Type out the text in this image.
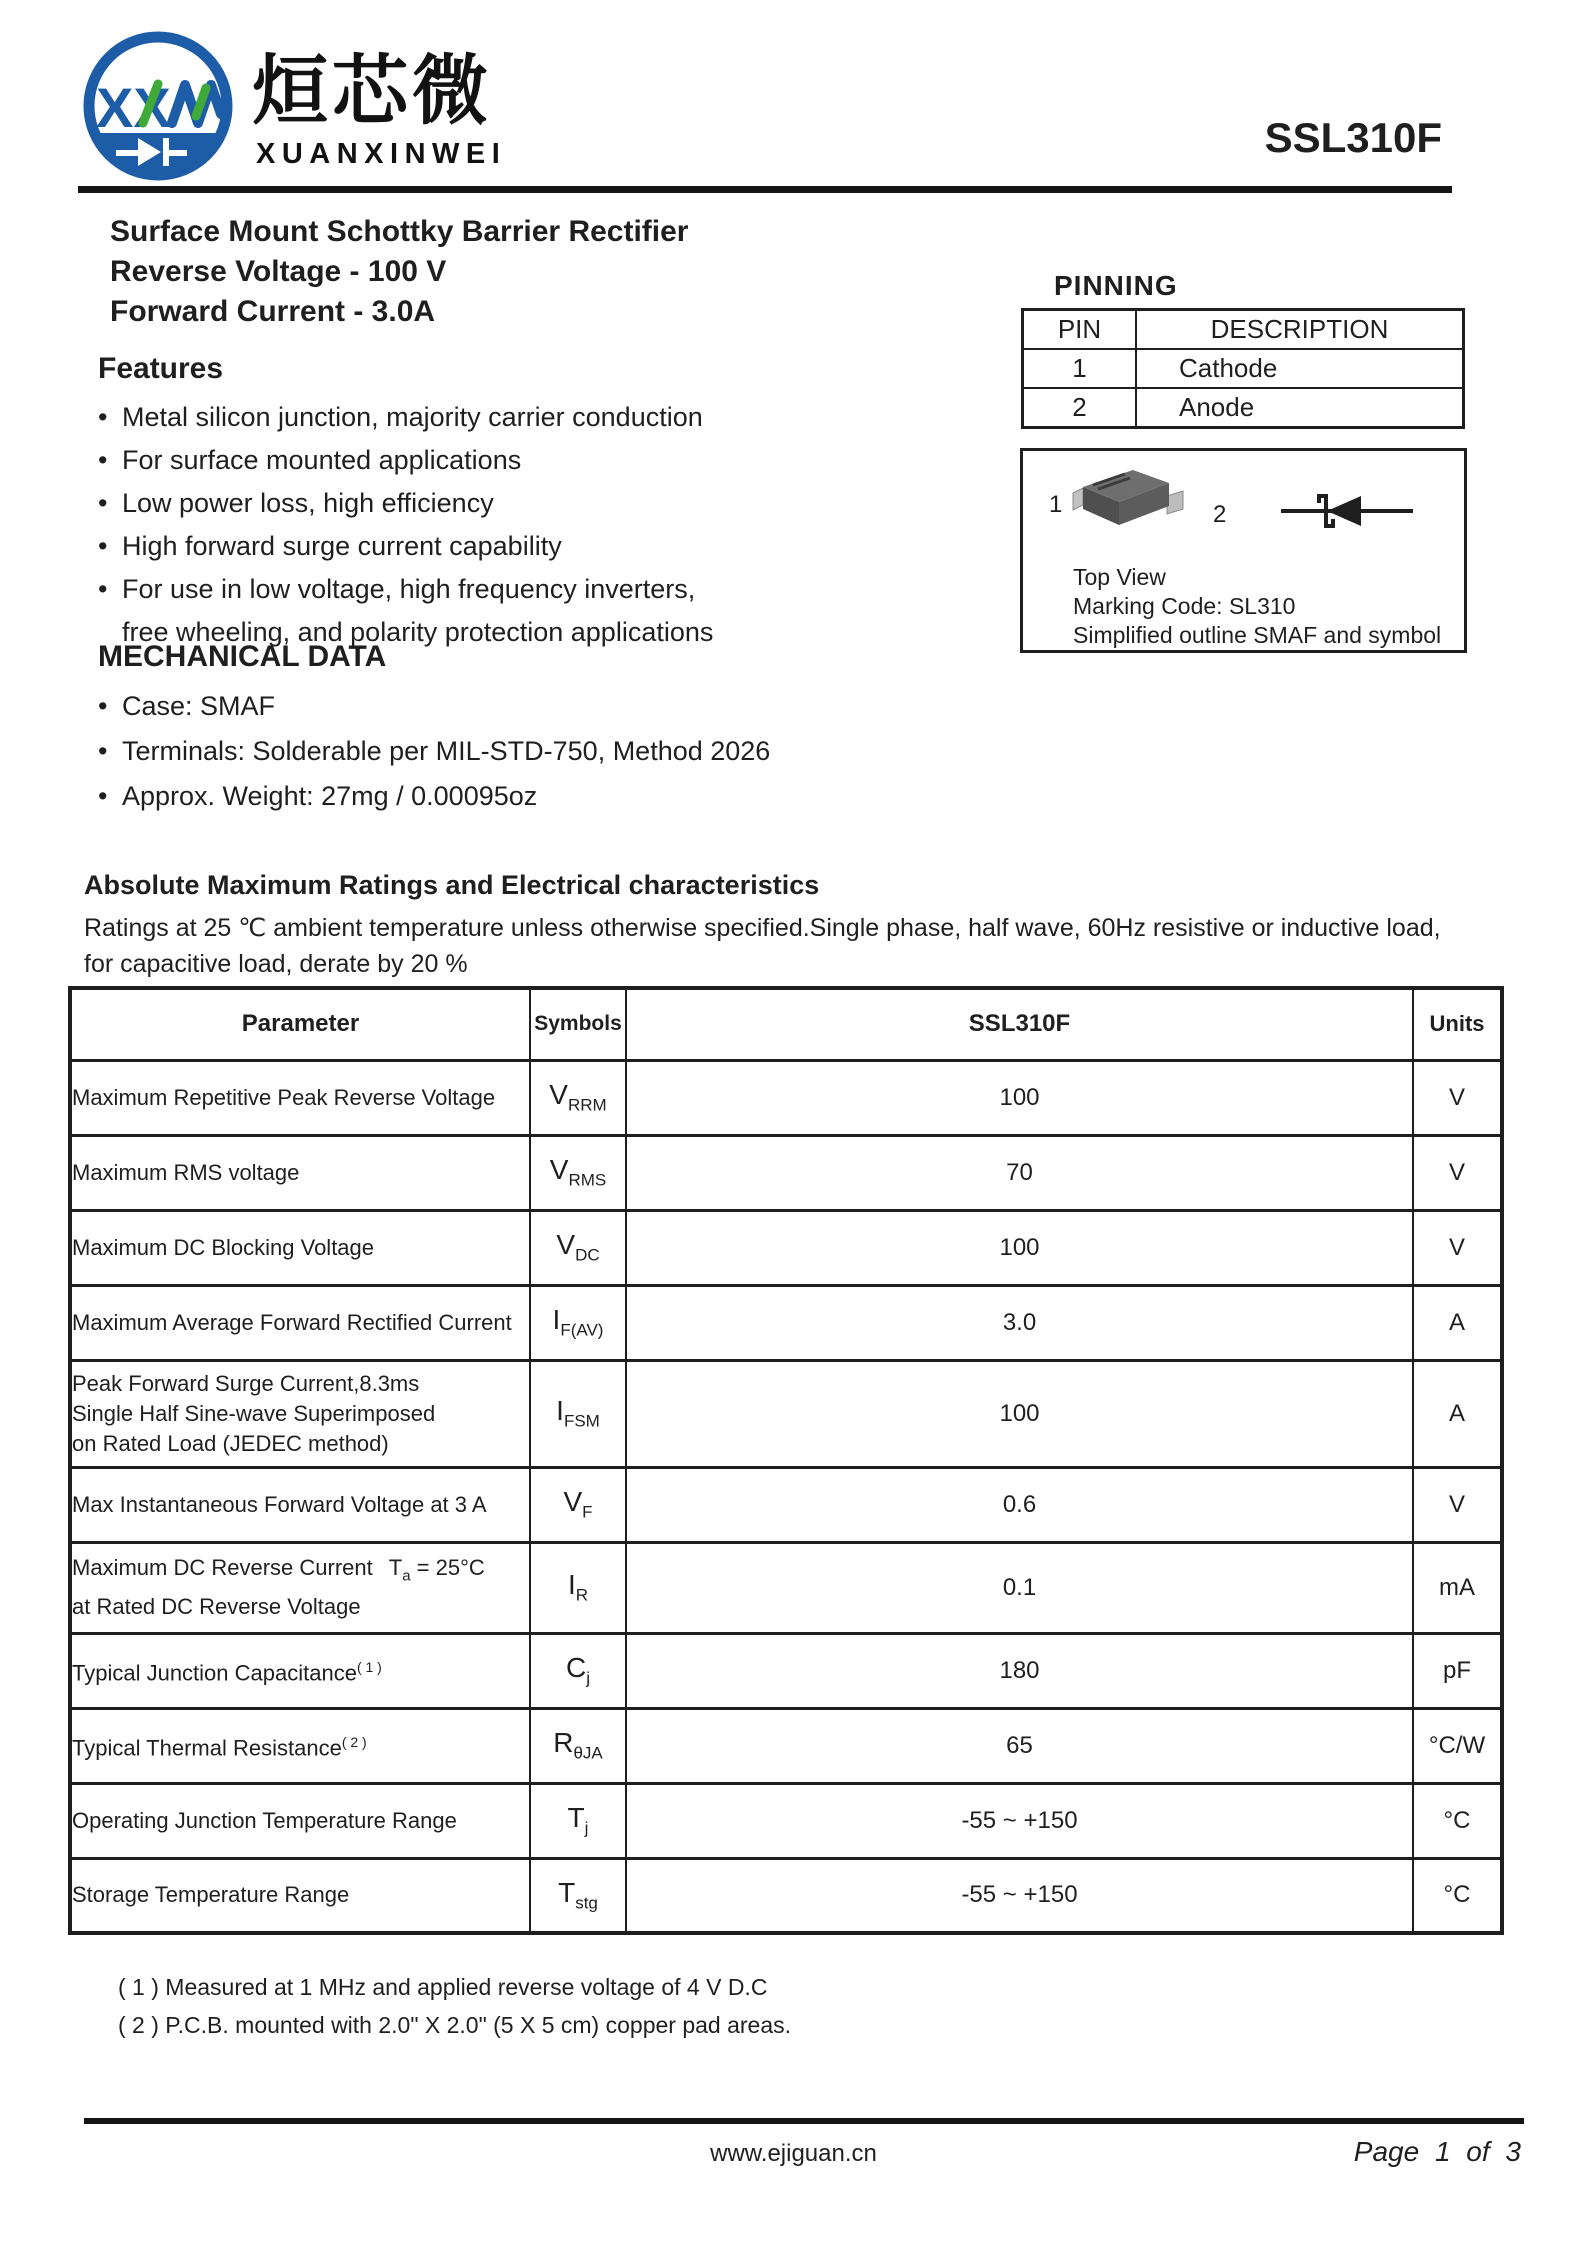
XX 烜芯微
XUANXINWEI	SSL310F
Surface Mount Schottky Barrier Rectifier
Reverse Voltage - 100 V
Forward Current - 3.0A
Features
• Metal silicon junction, majority carrier conduction
• For surface mounted applications
• Low power loss, high efficiency
• High forward surge current capability
• For use in low voltage, high frequency inverters,
free wheeling, and polarity protection applications
MECHANICAL DATA
• Case: SMAF
• Terminals: Solderable per MIL-STD-750, Method 2026
• Approx. Weight: 27mg / 0.00095oz
PINNING
PIN	DESCRIPTION
1	Cathode
2	Anode
1	2
Top View
Marking Code: SL310
Simplified outline SMAF and symbol
Absolute Maximum Ratings and Electrical characteristics
Ratings at 25 ℃ ambient temperature unless otherwise specified.Single phase, half wave, 60Hz resistive or inductive load,
for capacitive load, derate by 20 %
Parameter	Symbols	SSL310F	Units

Maximum Repetitive Peak Reverse Voltage	$V_{RRM}$	100	V

Maximum RMS voltage	$V_{RMS}$	70	V

Maximum DC Blocking Voltage	$V_{DC}$	100	V

Maximum Average Forward Rectified Current	$I_{F(AV)}$	3.0	A

Peak Forward Surge Current,8.3ms
Single Half Sine-wave Superimposed
on Rated Load (JEDEC method)	$I_{FSM}$	100	A

Max Instantaneous Forward Voltage at 3 A	$V_F$	0.6	V

Maximum DC Reverse Current $T_a = 25^\circ C$
at Rated DC Reverse Voltage	$I_R$	0.1	mA

Typical Junction Capacitance$^{( 1 )}$	$C_j$	180	pF

Typical Thermal Resistance$^{( 2 )}$	$R_{\theta JA}$	65	°C/W

Operating Junction Temperature Range	$T_j$	-55 ~ +150	°C

Storage Temperature Range	$T_{stg}$	-55 ~ +150	°C
( 1 ) Measured at 1 MHz and applied reverse voltage of 4 V D.C
( 2 ) P.C.B. mounted with 2.0" X 2.0" (5 X 5 cm) copper pad areas.
www.ejiguan.cn	Page 1 of 3
